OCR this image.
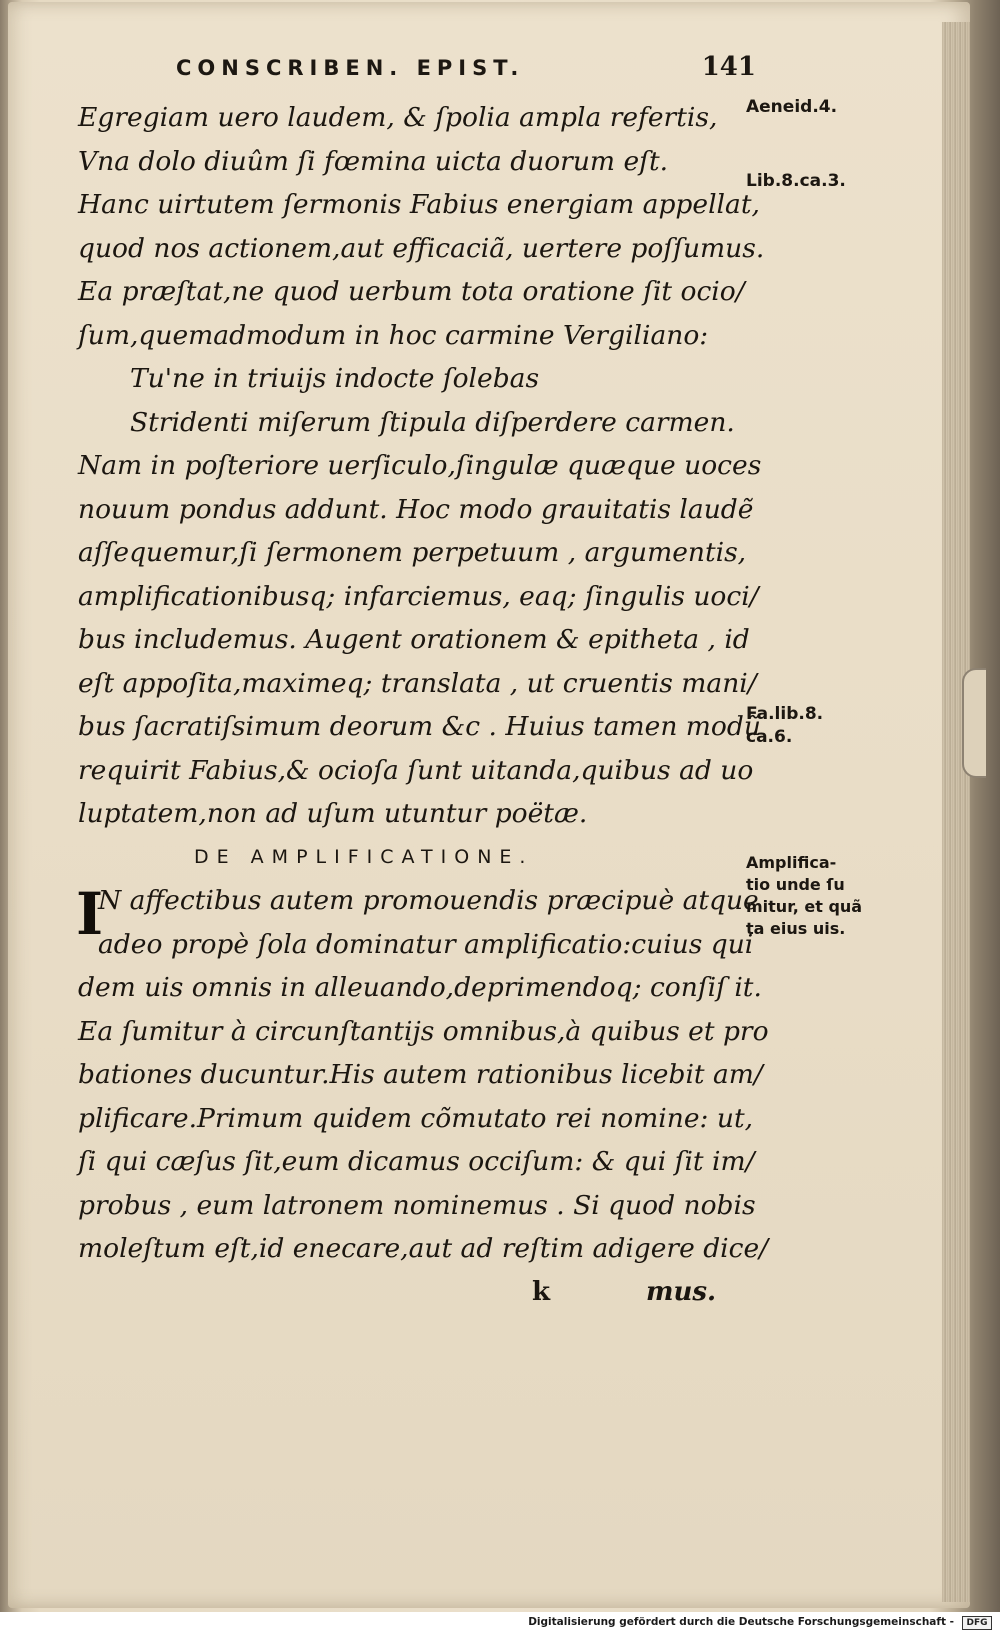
CONSCRIBEN. EPIST.	141
Egregiam uero laudem, & ſpolia ampla refertis,
Vna dolo diuûm ſi fœmina uicta duorum eſt.
Hanc uirtutem ſermonis Fabius energiam appellat,
quod nos actionem,aut efficaciã, uertere poſſumus.
Ea præſtat,ne quod uerbum tota oratione ſit ocio/
ſum,quemadmodum in hoc carmine Vergiliano:
Tu'ne in triuijs indocte ſolebas
Stridenti miſerum ſtipula diſperdere carmen.
Nam in poſteriore uerſiculo,ſingulæ quæque uoces
nouum pondus addunt. Hoc modo grauitatis laudẽ
aſſequemur,ſi ſermonem perpetuum , argumentis,
amplificationibusq; infarciemus, eaq; ſingulis uoci/
bus includemus. Augent orationem & epitheta , id
eſt appoſita,maximeq; translata , ut cruentis mani/
bus ſacratiſsimum deorum &c . Huius tamen modũ
requirit Fabius,& ocioſa ſunt uitanda,quibus ad uo
luptatem,non ad uſum utuntur poëtæ.
DE AMPLIFICATIONE.
I
N affectibus autem promouendis præcipuè atque
adeo propè ſola dominatur amplificatio:cuius qui
dem uis omnis in alleuando,deprimendoq; conſiſ it.
Ea ſumitur à circunſtantijs omnibus,à quibus et pro
bationes ducuntur.His autem rationibus licebit am/
plificare.Primum quidem cõmutato rei nomine: ut,
ſi qui cæſus ſit,eum dicamus occiſum: & qui ſit im/
probus , eum latronem nominemus . Si quod nobis
moleſtum eſt,id enecare,aut ad reſtim adigere dice/
k	mus.
Aeneid.4.
Lib.8.ca.3.
Fa.lib.8.
ca.6.
Amplifica-
tio unde ſu
mitur, et quã
ta eius uis.
Digitalisierung gefördert durch die Deutsche Forschungsgemeinschaft -	DFG
